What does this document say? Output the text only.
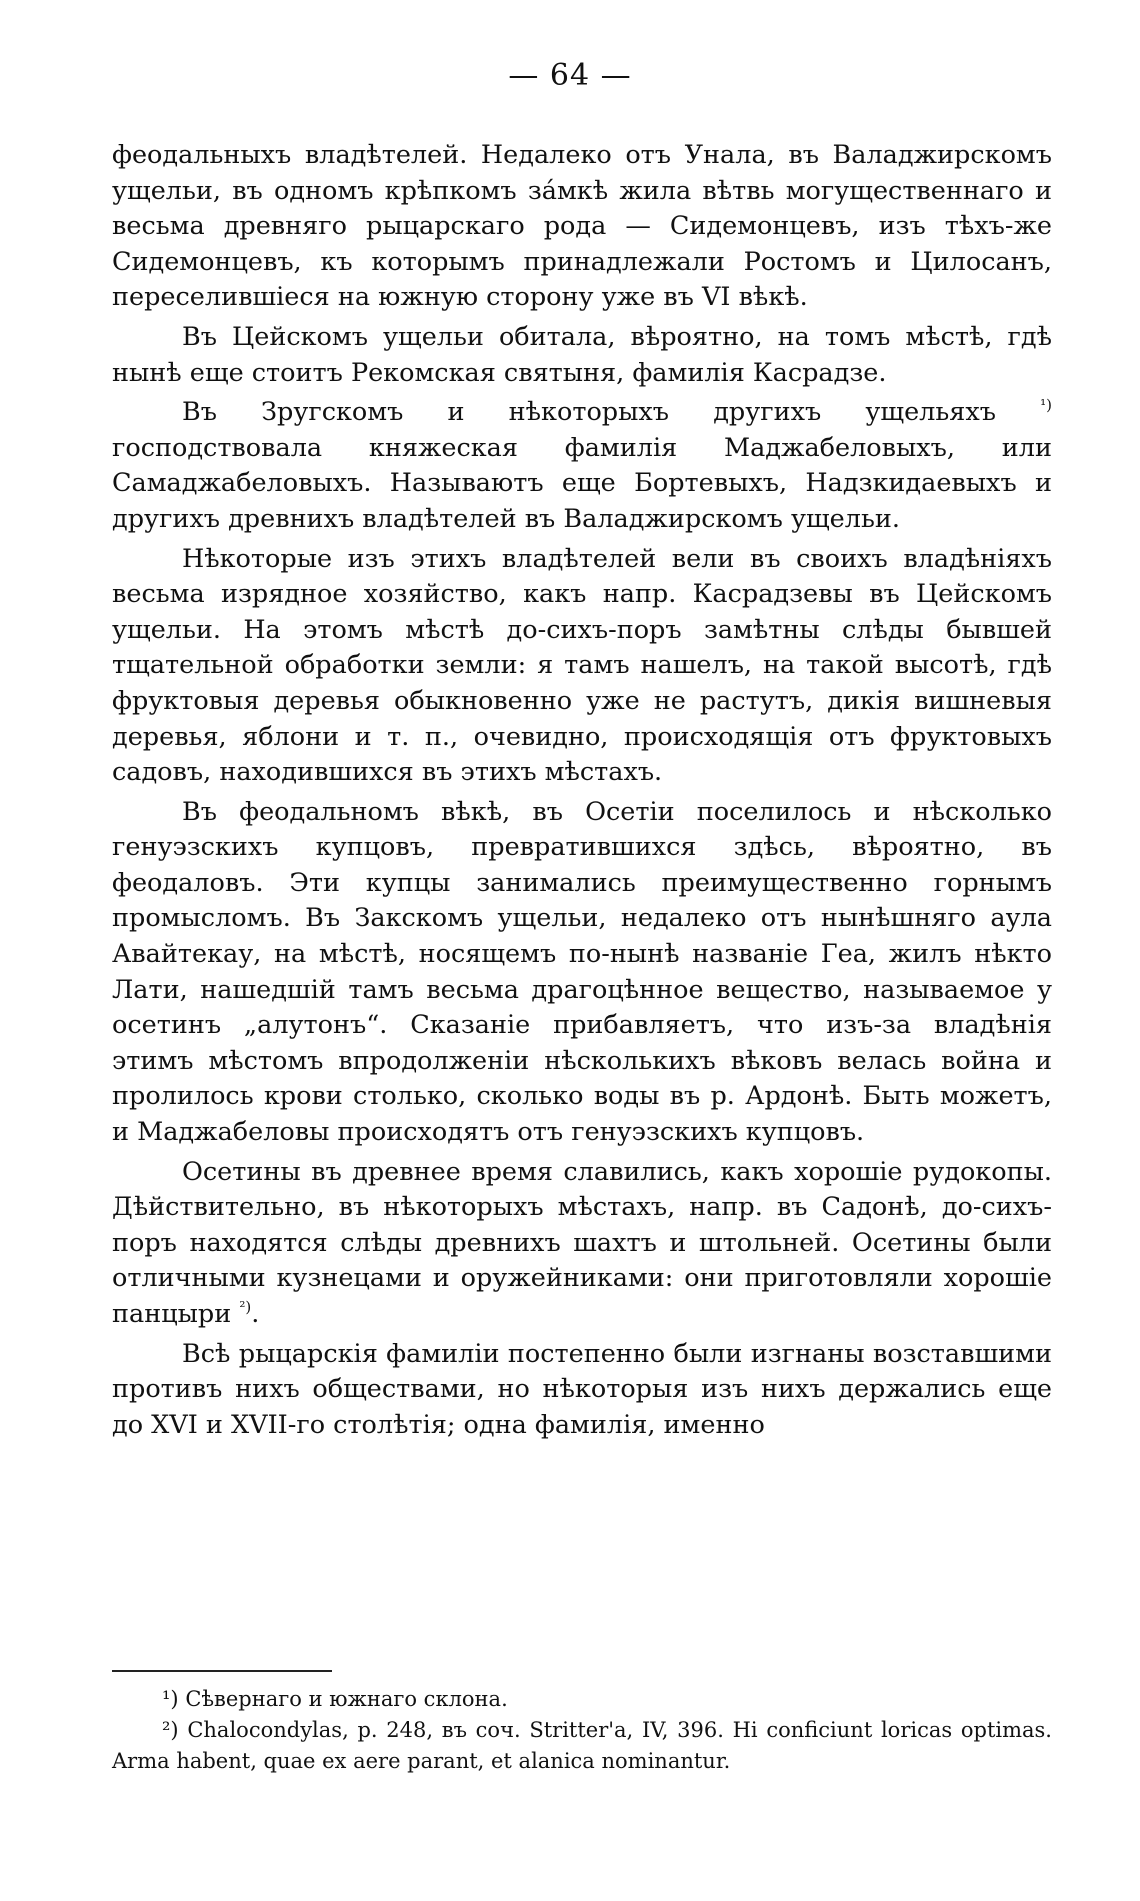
— 64 —

феодальныхъ владѣтелей. Недалеко отъ Унала, въ Валаджирскомъ ущельи, въ одномъ крѣпкомъ за́мкѣ жила вѣтвь могущественнаго и весьма древняго рыцарскаго рода — Сидемонцевъ, изъ тѣхъ-же Сидемонцевъ, къ которымъ принадлежали Ростомъ и Цилосанъ, переселившіеся на южную сторону уже въ VI вѣкѣ.

Въ Цейскомъ ущельи обитала, вѣроятно, на томъ мѣстѣ, гдѣ нынѣ еще стоитъ Рекомская святыня, фамилія Касрадзе.

Въ Зругскомъ и нѣкоторыхъ другихъ ущельяхъ	$^{^1)}$ господствовала княжеская фамилія Маджабеловыхъ, или Самаджабеловыхъ. Называютъ еще Бортевыхъ, Надзкидаевыхъ и другихъ древнихъ владѣтелей въ Валаджирскомъ ущельи.

Нѣкоторые изъ этихъ владѣтелей вели въ своихъ владѣніяхъ весьма изрядное хозяйство, какъ напр. Касрадзевы въ Цейскомъ ущельи. На этомъ мѣстѣ до-сихъ-поръ замѣтны слѣды бывшей тщательной обработки земли: я тамъ нашелъ, на такой высотѣ, гдѣ фруктовыя деревья обыкновенно уже не растутъ, дикія вишневыя деревья, яблони и т. п., очевидно, происходящія отъ фруктовыхъ садовъ, находившихся въ этихъ мѣстахъ.

Въ феодальномъ вѣкѣ, въ Осетіи поселилось и нѣсколько генуэзскихъ купцовъ, превратившихся здѣсь, вѣроятно, въ феодаловъ. Эти купцы занимались преимущественно горнымъ промысломъ. Въ Закскомъ ущельи, недалеко отъ нынѣшняго аула Авайтекау, на мѣстѣ, носящемъ по-нынѣ названіе Геа, жилъ нѣкто Лати, нашедшій тамъ весьма драгоцѣнное вещество, называемое у осетинъ „алутонъ“. Сказаніе прибавляетъ, что изъ-за владѣнія этимъ мѣстомъ впродолженіи нѣсколькихъ вѣковъ велась война и пролилось крови столько, сколько воды въ р. Ардонѣ. Быть можетъ, и Маджабеловы происходятъ отъ генуэзскихъ купцовъ.

Осетины въ древнее время славились, какъ хорошіе рудокопы. Дѣйствительно, въ нѣкоторыхъ мѣстахъ, напр. въ Садонѣ, до-сихъ-поръ находятся слѣды древнихъ шахтъ и штольней. Осетины были отличными кузнецами и оружейниками: они приготовляли хорошіе панцыри $^{^2)}$.

Всѣ рыцарскія фамиліи постепенно были изгнаны возставшими противъ нихъ обществами, но нѣкоторыя изъ нихъ держались еще до XVI и XVII-го столѣтія; одна фамилія, именно

¹) Сѣвернаго и южнаго склона.

²) Chalocondylas, p. 248, въ соч. Stritter'a, IV, 396. Hi conficiunt loricas optimas. Arma habent, quae ex aere parant, et alanica nominantur.
